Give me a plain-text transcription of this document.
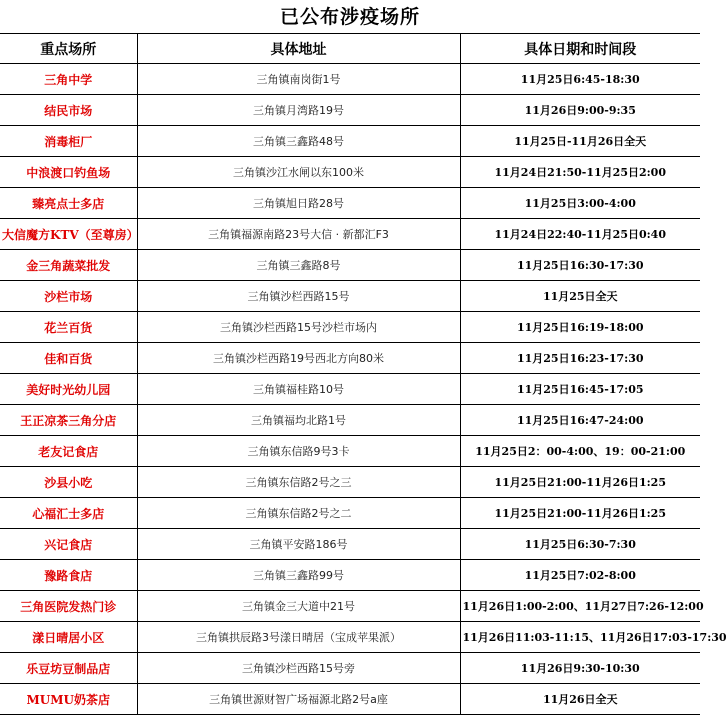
已公布涉疫场所
重点场所	具体地址	具体日期和时间段
三角中学	三角镇南岗街1号	11月25日6:45-18:30
结民市场	三角镇月湾路19号	11月26日9:00-9:35
消毒柜厂	三角镇三鑫路48号	11月25日-11月26日全天
中浪渡口钓鱼场	三角镇沙江水闸以东100米	11月24日21:50-11月25日2:00
臻亮点士多店	三角镇旭日路28号	11月25日3:00-4:00
大信魔方KTV（至尊房）	三角镇福源南路23号大信 · 新都汇F3	11月24日22:40-11月25日0:40
金三角蔬菜批发	三角镇三鑫路8号	11月25日16:30-17:30
沙栏市场	三角镇沙栏西路15号	11月25日全天
花兰百货	三角镇沙栏西路15号沙栏市场内	11月25日16:19-18:00
佳和百货	三角镇沙栏西路19号西北方向80米	11月25日16:23-17:30
美好时光幼儿园	三角镇福桂路10号	11月25日16:45-17:05
王正凉茶三角分店	三角镇福均北路1号	11月25日16:47-24:00
老友记食店	三角镇东信路9号3卡	11月25日2：00-4:00、19：00-21:00
沙县小吃	三角镇东信路2号之三	11月25日21:00-11月26日1:25
心福汇士多店	三角镇东信路2号之二	11月25日21:00-11月26日1:25
兴记食店	三角镇平安路186号	11月25日6:30-7:30
豫路食店	三角镇三鑫路99号	11月25日7:02-8:00
三角医院发热门诊	三角镇金三大道中21号	11月26日1:00-2:00、11月27日7:26-12:00
漾日晴居小区	三角镇拱辰路3号漾日晴居（宝成苹果派）	11月26日11:03-11:15、11月26日17:03-17:30
乐豆坊豆制品店	三角镇沙栏西路15号旁	11月26日9:30-10:30
MUMU奶茶店	三角镇世源财智广场福源北路2号a座	11月26日全天
